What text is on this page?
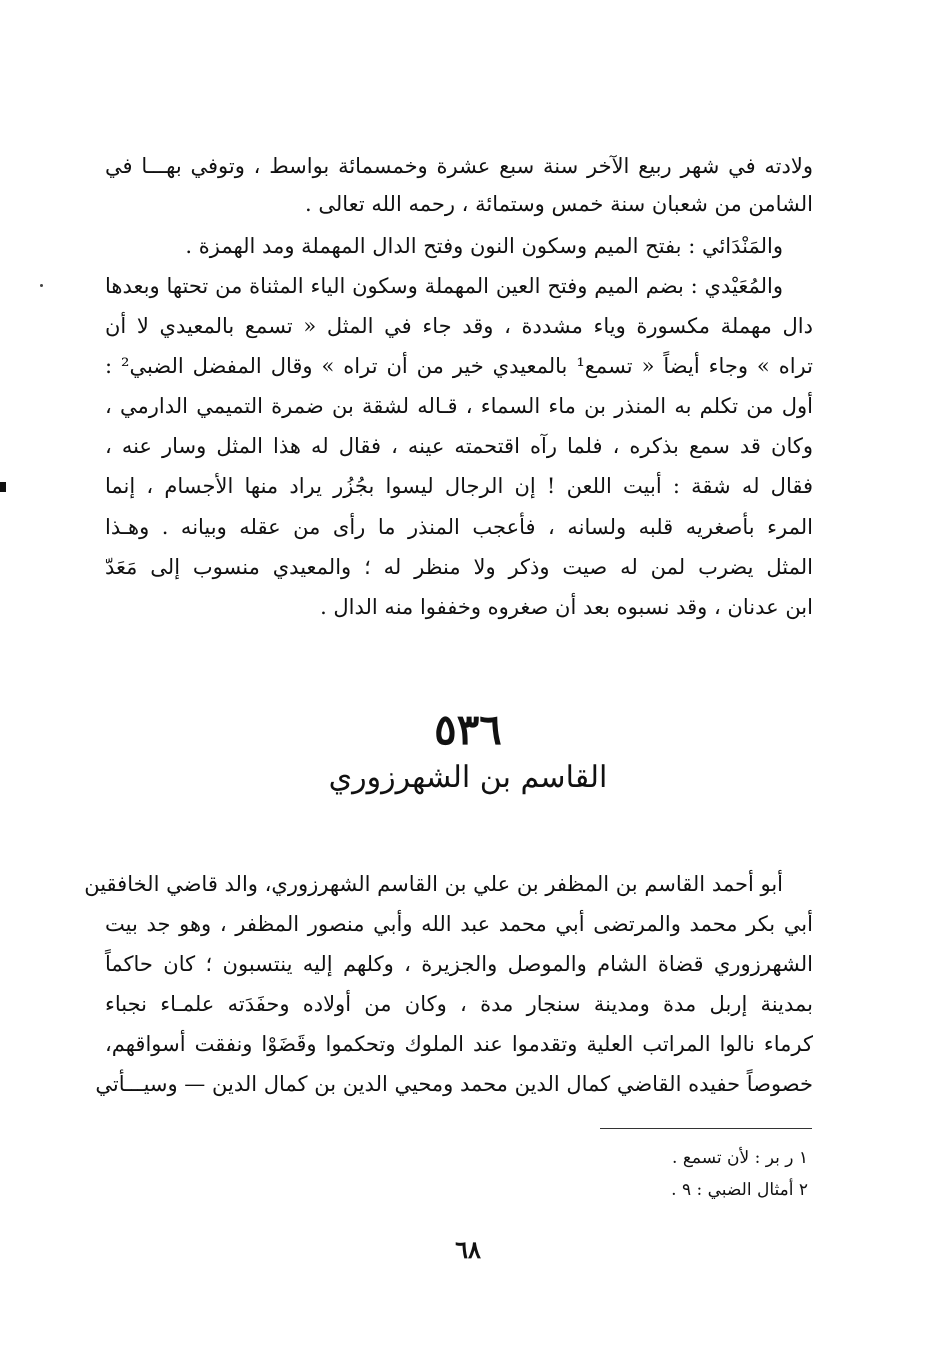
ولادته في شهر ربيع الآخر سنة سبع عشرة وخمسمائة بواسط ، وتوفي بهـــا في
الشامن من شعبان سنة خمس وستمائة ، رحمه الله تعالى .
والمَنْدَائي : بفتح الميم وسكون النون وفتح الدال المهملة ومد الهمزة .
والمُعَيْدي : بضم الميم وفتح العين المهملة وسكون الياء المثناة من تحتها وبعدها
دال مهملة مكسورة وياء مشددة ، وقد جاء في المثل « تسمع بالمعيدي لا أن
تراه » وجاء أيضاً « تسمع¹ بالمعيدي خير من أن تراه » وقال المفضل الضبي² :
أول من تكلم به المنذر بن ماء السماء ، قـاله لشقة بن ضمرة التميمي الدارمي ،
وكان قد سمع بذكره ، فلما رآه اقتحمته عينه ، فقال له هذا المثل وسار عنه ،
فقال له شقة : أبيت اللعن ! إن الرجال ليسوا بجُزُر يراد منها الأجسام ، إنما
المرء بأصغريه قلبه ولسانه ، فأعجب المنذر ما رأى من عقله وبيانه . وهـذا
المثل يضرب لمن له صيت وذكر ولا منظر له ؛ والمعيدي منسوب إلى مَعَدّ
ابن عدنان ، وقد نسبوه بعد أن صغروه وخففوا منه الدال .
٥٣٦
القاسم بن الشهرزوري
أبو أحمد القاسم بن المظفر بن علي بن القاسم الشهرزوري، والد قاضي الخافقين
أبي بكر محمد والمرتضى أبي محمد عبد الله وأبي منصور المظفر ، وهو جد بيت
الشهرزوري قضاة الشام والموصل والجزيرة ، وكلهم إليه ينتسبون ؛ كان حاكماً
بمدينة إربل مدة ومدينة سنجار مدة ، وكان من أولاده وحفَدَته علمـاء نجباء
كرماء نالوا المراتب العلية وتقدموا عند الملوك وتحكموا وقَضَوْا ونفقت أسواقهم،
خصوصاً حفيده القاضي كمال الدين محمد ومحيي الدين بن كمال الدين — وسيـــأتي
١ ر بر : لأن تسمع .
٢ أمثال الضبي : ٩ .
٦٨
